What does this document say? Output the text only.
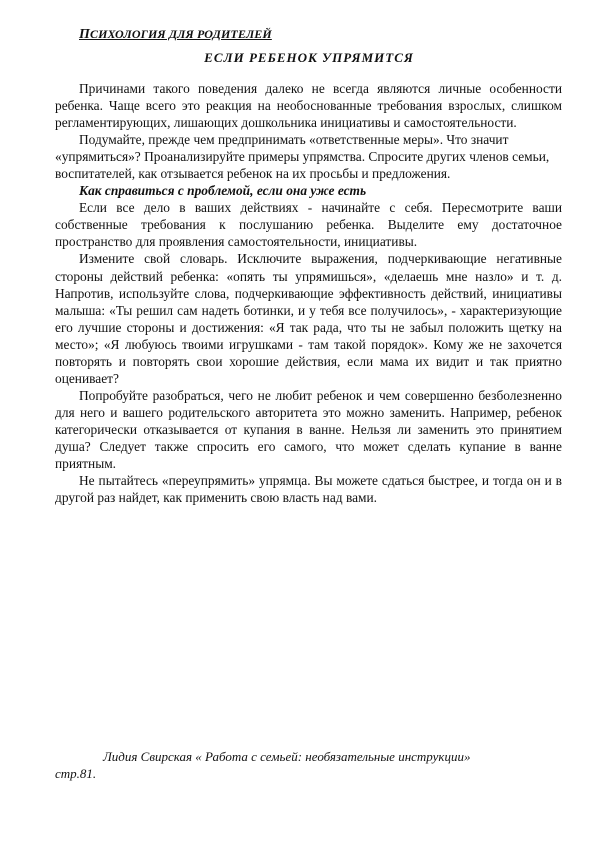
ПСИХОЛОГИЯ ДЛЯ РОДИТЕЛЕЙ
ЕСЛИ РЕБЕНОК УПРЯМИТСЯ

Причинами такого поведения далеко не всегда являются личные особенности ребенка. Чаще всего это реакция на необоснованные требования взрослых, слишком регламентирующих, лишающих дошкольника инициативы и самостоятельности.

Подумайте, прежде чем предпринимать «ответственные меры». Что значит «упрямиться»? Проанализируйте примеры упрямства. Спросите других членов семьи, воспитателей, как отзывается ребенок на их просьбы и предложения.

Как справиться с проблемой, если она уже есть

Если все дело в ваших действиях - начинайте с себя. Пересмотрите ваши собственные требования к послушанию ребенка. Выделите ему достаточное пространство для проявления самостоятельности, инициативы.

Измените свой словарь. Исключите выражения, подчеркивающие негативные стороны действий ребенка: «опять ты упрямишься», «делаешь мне назло» и т. д. Напротив, используйте слова, подчеркивающие эффективность действий, инициативы малыша: «Ты решил сам надеть ботинки, и у тебя все получилось», - характеризующие его лучшие стороны и достижения: «Я так рада, что ты не забыл положить щетку на место»; «Я любуюсь твоими игрушками - там такой порядок». Кому же не захочется повторять и повторять свои хорошие действия, если мама их видит и так приятно оценивает?

Попробуйте разобраться, чего не любит ребенок и чем совершенно безболезненно для него и вашего родительского авторитета это можно заменить. Например, ребенок категорически отказывается от купания в ванне. Нельзя ли заменить это принятием душа? Следует также спросить его самого, что может сделать купание в ванне приятным.

Не пытайтесь «переупрямить» упрямца. Вы можете сдаться быстрее, и тогда он и в другой раз найдет, как применить свою власть над вами.

Лидия Свирская « Работа с семьей: необязательные инструкции»

стр.81.
